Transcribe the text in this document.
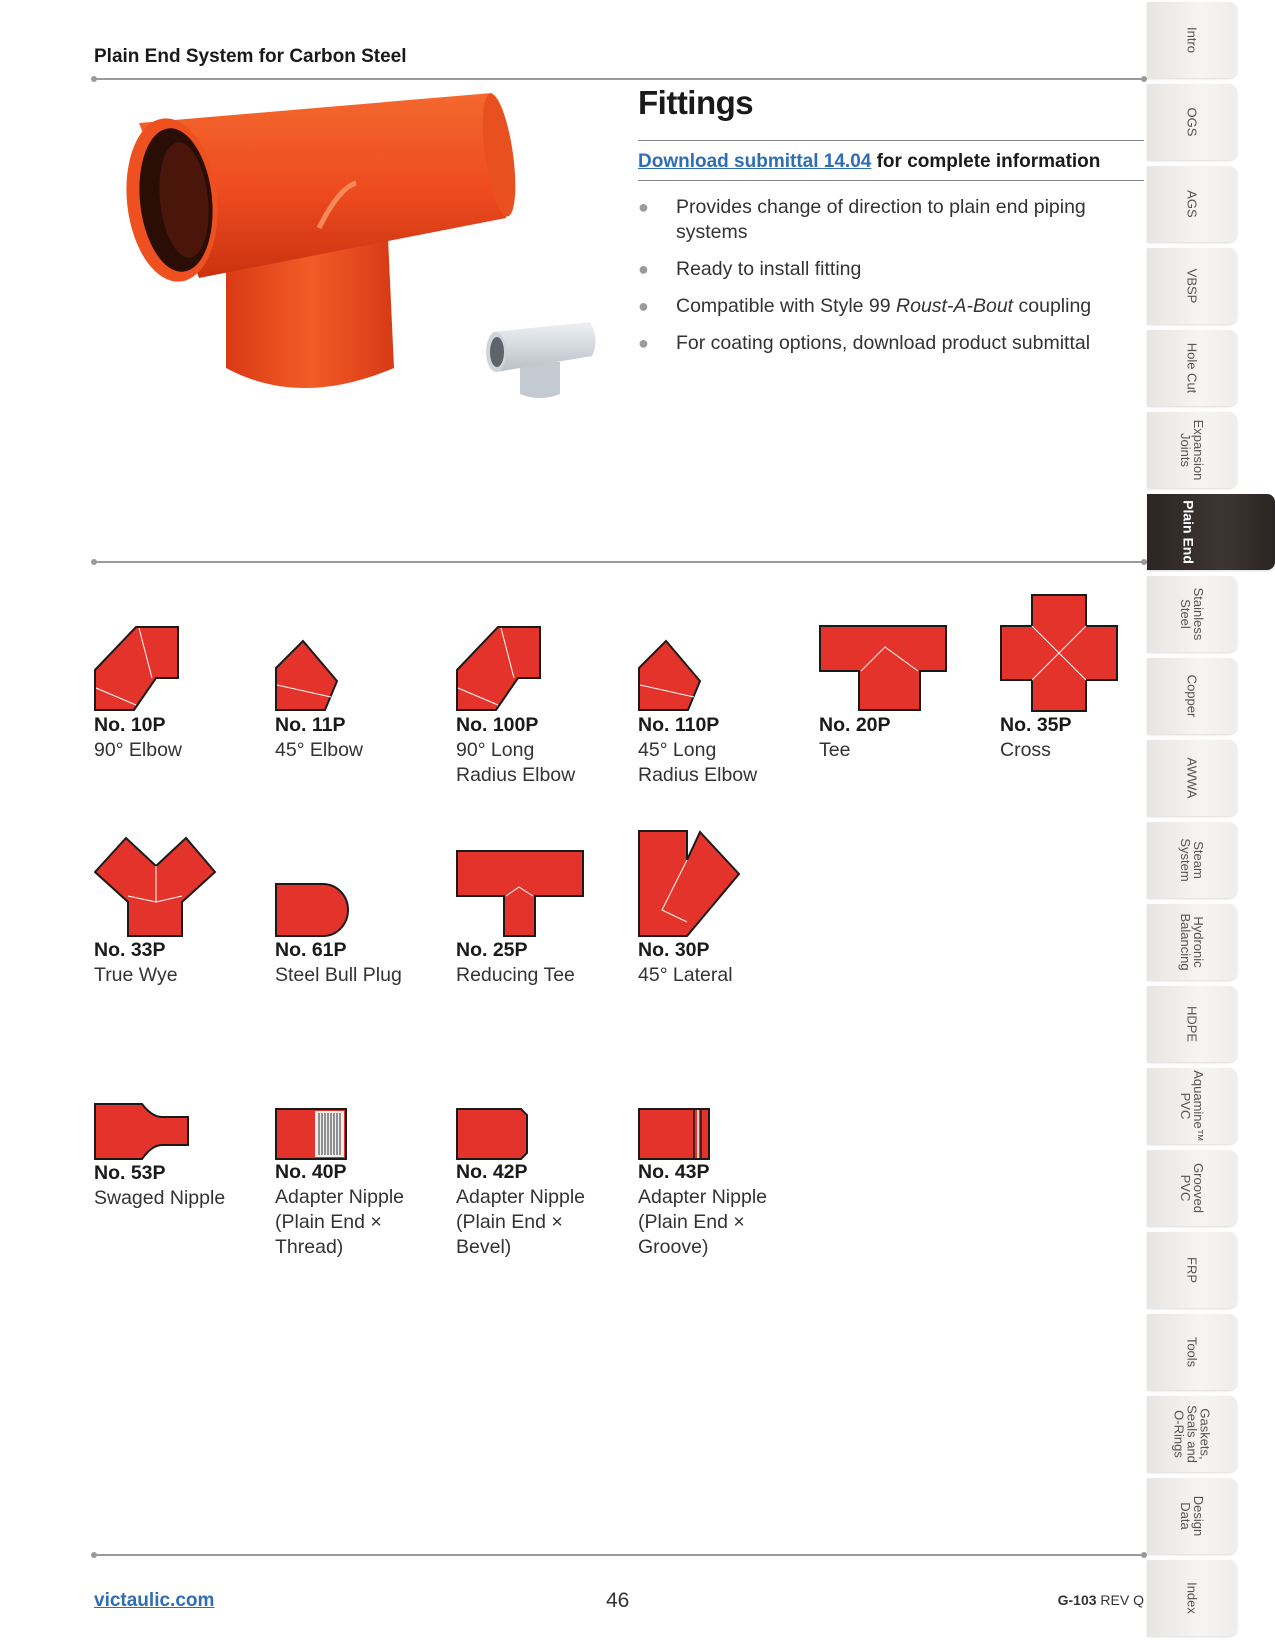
Plain End System for Carbon Steel
Fittings
Download submittal 14.04 for complete information
● Provides change of direction to plain end piping systems
● Ready to install fitting
● Compatible with Style 99 Roust-A-Bout coupling
● For coating options, download product submittal
No. 10P
90° Elbow
No. 11P
45° Elbow
No. 100P
90° Long
Radius Elbow
No. 110P
45° Long
Radius Elbow
No. 20P
Tee
No. 35P
Cross
No. 33P
True Wye
No. 61P
Steel Bull Plug
No. 25P
Reducing Tee
No. 30P
45° Lateral
No. 53P
Swaged Nipple
No. 40P
Adapter Nipple
(Plain End ×
Thread)
No. 42P
Adapter Nipple
(Plain End ×
Bevel)
No. 43P
Adapter Nipple
(Plain End ×
Groove)
victaulic.com	46	G-103 REV Q
Intro
OGS
AGS
VBSP
Hole Cut
Expansion
Joints
Plain End
Stainless
Steel
Copper
AWWA
Steam
System
Hydronic
Balancing
HDPE
Aquamine™
PVC
Grooved
PVC
FRP
Tools
Gaskets,
Seals and
O-Rings
Design
Data
Index
